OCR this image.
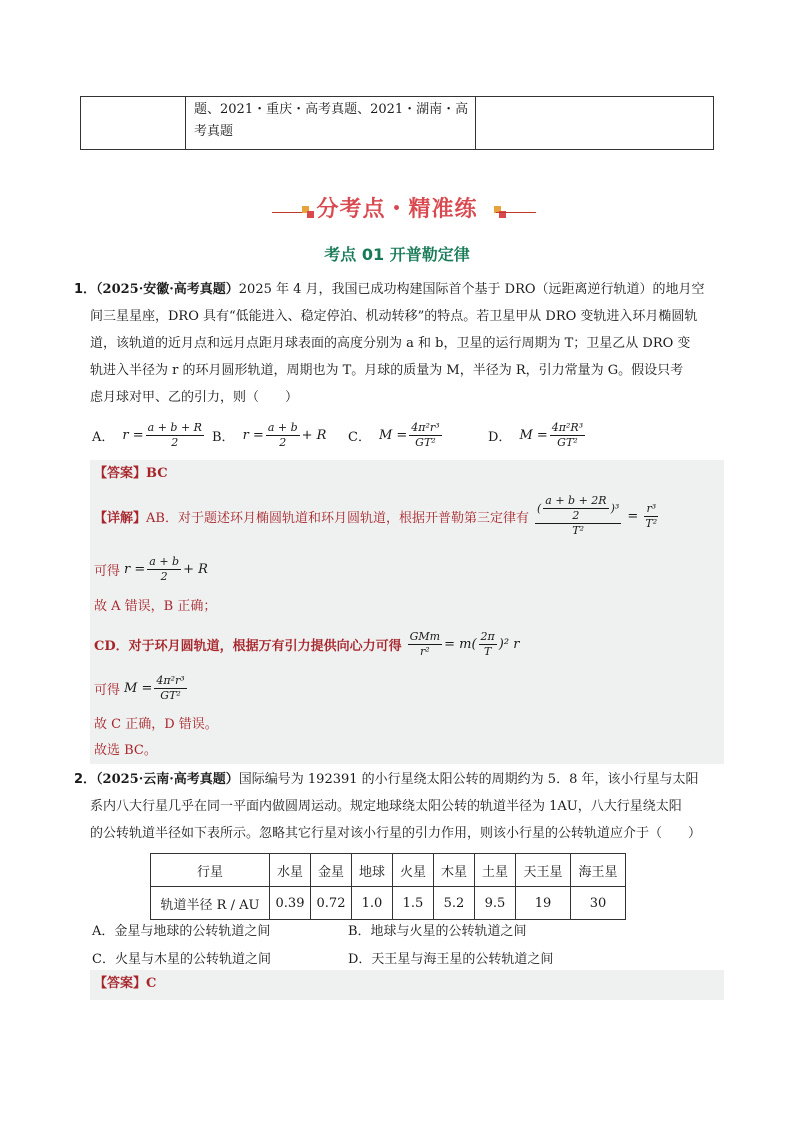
题、2021・重庆・高考真题、2021・湖南・高
考真题
分考点・精准练
考点 01 开普勒定律
1．（2025·安徽·高考真题）2025 年 4 月，我国已成功构建国际首个基于 DRO（远距离逆行轨道）的地月空
间三星星座，DRO 具有“低能进入、稳定停泊、机动转移”的特点。若卫星甲从 DRO 变轨进入环月椭圆轨
道，该轨道的近月点和远月点距月球表面的高度分别为 a 和 b，卫星的运行周期为 T；卫星乙从 DRO 变
轨进入半径为 r 的环月圆形轨道，周期也为 T。月球的质量为 M，半径为 R，引力常量为 G。假设只考
虑月球对甲、乙的引力，则（　　）
A． $r = \frac{a + b + R}{2}$ B． $r = \frac{a + b}{2} + R$ C． $M = \frac{\text{4π²r³}}{\text{GT²}}$	D． $M = \frac{\text{4π²R³}}{\text{GT²}}$
【答案】BC
【详解】 AB．对于题述环月椭圆轨道和环月圆轨道，根据开普勒第三定律有 $\frac{( \frac{a + b + 2R}{2} )^3}{\text{T²}} = \frac{\text{r³}}{\text{T²}}$
可得 $r = \frac{a + b}{2} + R$
故 A 错误，B 正确；
CD．对于环月圆轨道，根据万有引力提供向心力可得 $\frac{\text{GMm}}{\text{r²}} = m( \frac{2\pi}{T} )^2$ r
可得 $M = \frac{\text{4π²r³}}{\text{GT²}}$
故 C 正确，D 错误。
故选 BC。
2．（2025·云南·高考真题）国际编号为 192391 的小行星绕太阳公转的周期约为 5．8 年，该小行星与太阳
系内八大行星几乎在同一平面内做圆周运动。规定地球绕太阳公转的轨道半径为 1AU，八大行星绕太阳
的公转轨道半径如下表所示。忽略其它行星对该小行星的引力作用，则该小行星的公转轨道应介于（　　）
行星	水星	金星	地球	火星	木星	土星	天王星	海王星
轨道半径 R / AU	0.39	0.72	1.0	1.5	5.2	9.5	19	30
A．金星与地球的公转轨道之间	B．地球与火星的公转轨道之间
C．火星与木星的公转轨道之间	D．天王星与海王星的公转轨道之间
【答案】C
